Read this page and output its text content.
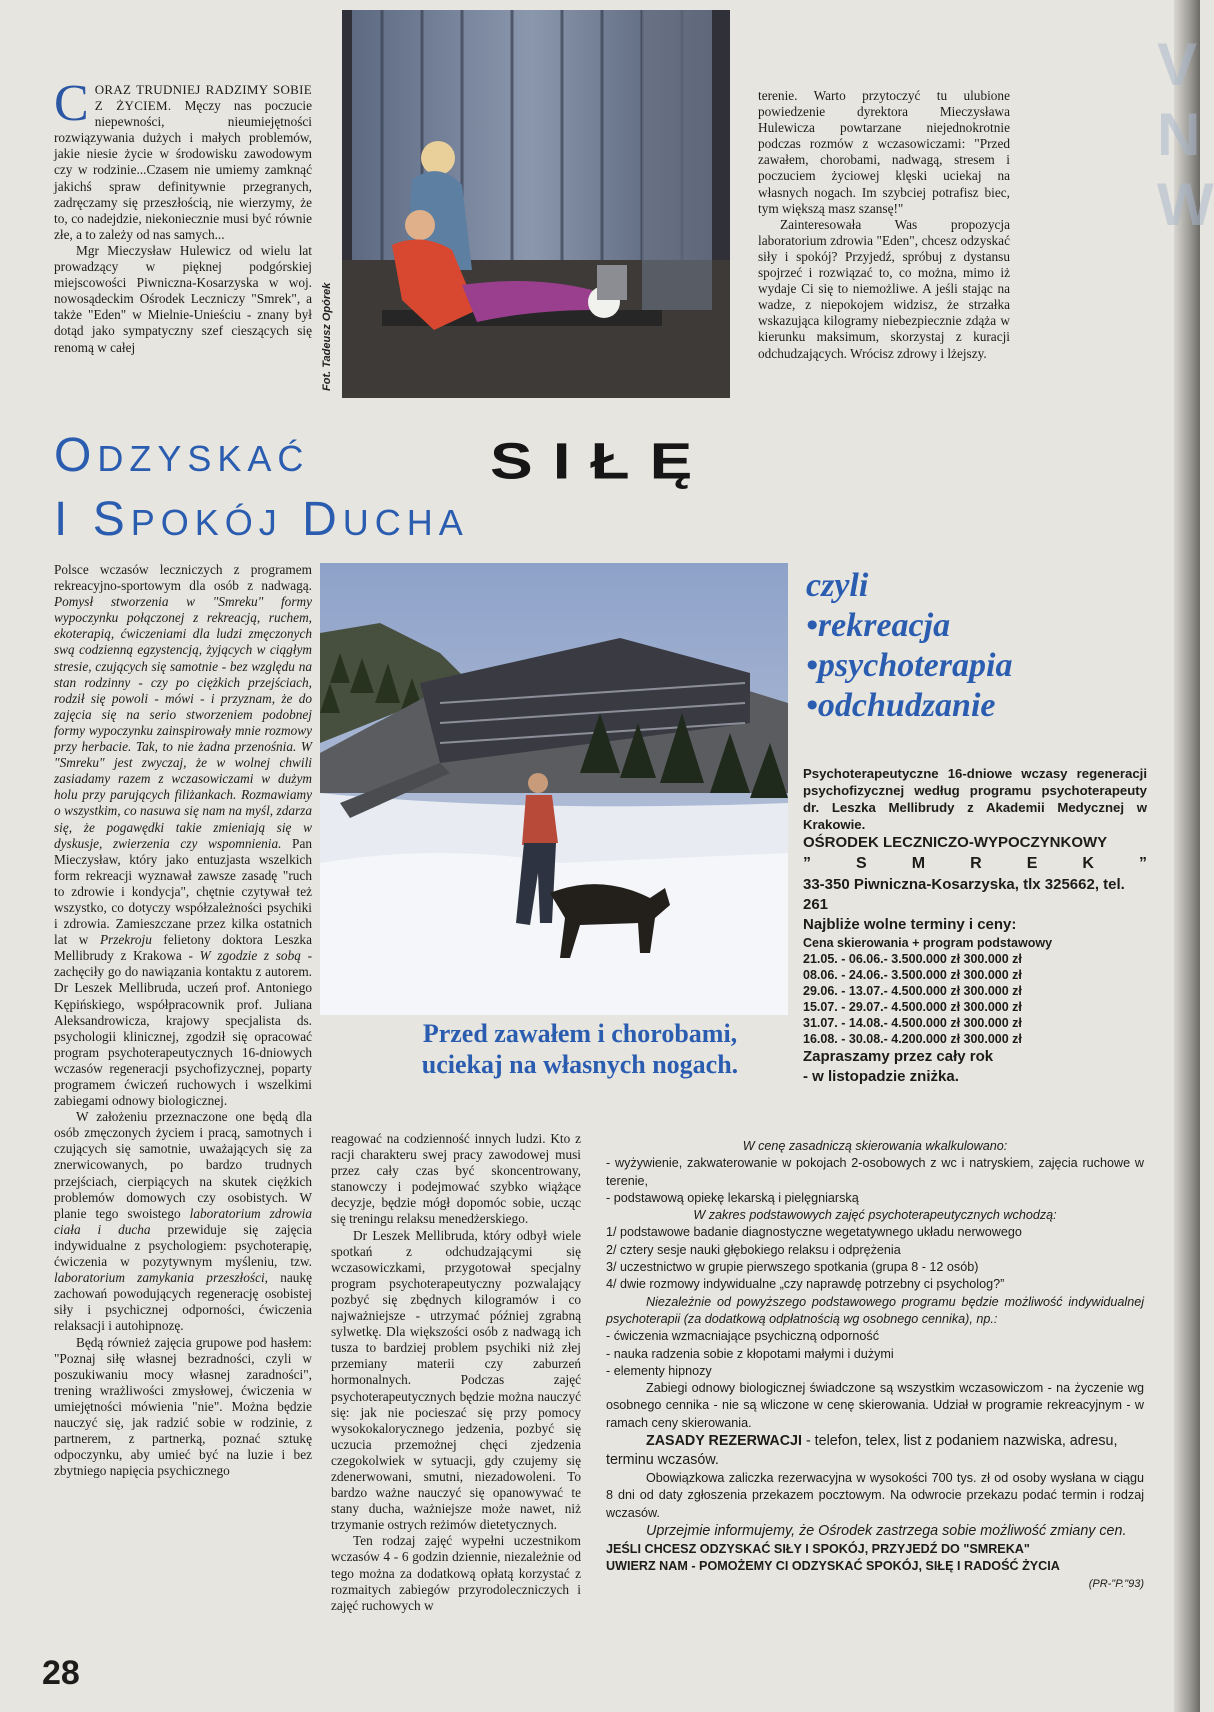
V
N
W

CORAZ TRUDNIEJ RADZIMY SOBIE Z ŻYCIEM. Męczy nas poczucie niepewności, nieumiejętności rozwiązywania dużych i małych problemów, jakie niesie życie w środowisku zawodowym czy w rodzinie...Czasem nie umiemy zamknąć jakichś spraw definitywnie przegranych, zadręczamy się przeszłością, nie wierzymy, że to, co nadejdzie, niekoniecznie musi być równie złe, a to zależy od nas samych...

Mgr Mieczysław Hulewicz od wielu lat prowadzący w pięknej podgórskiej miejscowości Piwniczna-Kosarzyska w woj. nowosądeckim Ośrodek Leczniczy "Smrek", a także "Eden" w Mielnie-Unieściu - znany był dotąd jako sympatyczny szef cieszących się renomą w całej	Fot. Tadeusz Opórek

terenie. Warto przytoczyć tu ulubione powiedzenie dyrektora Mieczysława Hulewicza powtarzane niejednokrotnie podczas rozmów z wczasowiczami: "Przed zawałem, chorobami, nadwagą, stresem i poczuciem życiowej klęski uciekaj na własnych nogach. Im szybciej potrafisz biec, tym większą masz szansę!"

Zainteresowała Was propozycja laboratorium zdrowia "Eden", chcesz odzyskać siły i spokój? Przyjedź, spróbuj z dystansu spojrzeć i rozwiązać to, co można, mimo iż wydaje Ci się to niemożliwe. A jeśli stając na wadze, z niepokojem widzisz, że strzałka wskazująca kilogramy niebezpiecznie zdąża w kierunku maksimum, skorzystaj z kuracji odchudzających. Wrócisz zdrowy i lżejszy.

ODZYSKAĆ	SIŁĘ
I SPOKÓJ DUCHA
czyli
•rekreacja
•psychoterapia
•odchudzanie
Przed zawałem i chorobami, uciekaj na własnych nogach.

Polsce wczasów leczniczych z programem rekreacyjno-sportowym dla osób z nadwagą. Pomysł stworzenia w "Smreku" formy wypoczynku połączonej z rekreacją, ruchem, ekoterapią, ćwiczeniami dla ludzi zmęczonych swą codzienną egzystencją, żyjących w ciągłym stresie, czujących się samotnie - bez względu na stan rodzinny - czy po ciężkich przejściach, rodził się powoli - mówi - i przyznam, że do zajęcia się na serio stworzeniem podobnej formy wypoczynku zainspirowały mnie rozmowy przy herbacie. Tak, to nie żadna przenośnia. W "Smreku" jest zwyczaj, że w wolnej chwili zasiadamy razem z wczasowiczami w dużym holu przy parujących filiżankach. Rozmawiamy o wszystkim, co nasuwa się nam na myśl, zdarza się, że pogawędki takie zmieniają się w dyskusje, zwierzenia czy wspomnienia. Pan Mieczysław, który jako entuzjasta wszelkich form rekreacji wyznawał zawsze zasadę "ruch to zdrowie i kondycja", chętnie czytywał też wszystko, co dotyczy współzależności psychiki i zdrowia. Zamieszczane przez kilka ostatnich lat w Przekroju felietony doktora Leszka Mellibrudy z Krakowa - W zgodzie z sobą - zachęciły go do nawiązania kontaktu z autorem. Dr Leszek Mellibruda, uczeń prof. Antoniego Kępińskiego, współpracownik prof. Juliana Aleksandrowicza, krajowy specjalista ds. psychologii klinicznej, zgodził się opracować program psychoterapeutycznych 16-dniowych wczasów regeneracji psychofizycznej, poparty programem ćwiczeń ruchowych i wszelkimi zabiegami odnowy biologicznej.

W założeniu przeznaczone one będą dla osób zmęczonych życiem i pracą, samotnych i czujących się samotnie, uważających się za znerwicowanych, po bardzo trudnych przejściach, cierpiących na skutek ciężkich problemów domowych czy osobistych. W planie tego swoistego laboratorium zdrowia ciała i ducha przewiduje się zajęcia indywidualne z psychologiem: psychoterapię, ćwiczenia w pozytywnym myśleniu, tzw. laboratorium zamykania przeszłości, naukę zachowań powodujących regenerację osobistej siły i psychicznej odporności, ćwiczenia relaksacji i autohipnozę.

Będą również zajęcia grupowe pod hasłem: "Poznaj siłę własnej bezradności, czyli w poszukiwaniu mocy własnej zaradności", trening wrażliwości zmysłowej, ćwiczenia w umiejętności mówienia "nie". Można będzie nauczyć się, jak radzić sobie w rodzinie, z partnerem, z partnerką, poznać sztukę odpoczynku, aby umieć być na luzie i bez zbytniego napięcia psychicznego

reagować na codzienność innych ludzi. Kto z racji charakteru swej pracy zawodowej musi przez cały czas być skoncentrowany, stanowczy i podejmować szybko wiążące decyzje, będzie mógł dopomóc sobie, ucząc się treningu relaksu menedżerskiego.

Dr Leszek Mellibruda, który odbył wiele spotkań z odchudzającymi się wczasowiczkami, przygotował specjalny program psychoterapeutyczny pozwalający pozbyć się zbędnych kilogramów i co najważniejsze - utrzymać później zgrabną sylwetkę. Dla większości osób z nadwagą ich tusza to bardziej problem psychiki niż złej przemiany materii czy zaburzeń hormonalnych. Podczas zajęć psychoterapeutycznych będzie można nauczyć się: jak nie pocieszać się przy pomocy wysokokalorycznego jedzenia, pozbyć się uczucia przemożnej chęci zjedzenia czegokolwiek w sytuacji, gdy czujemy się zdenerwowani, smutni, niezadowoleni. To bardzo ważne nauczyć się opanowywać te stany ducha, ważniejsze może nawet, niż trzymanie ostrych reżimów dietetycznych.

Ten rodzaj zajęć wypełni uczestnikom wczasów 4 - 6 godzin dziennie, niezależnie od tego można za dodatkową opłatą korzystać z rozmaitych zabiegów przyrodoleczniczych i zajęć ruchowych w

Psychoterapeutyczne 16-dniowe wczasy regeneracji psychofizycznej według programu psychoterapeuty dr. Leszka Mellibrudy z Akademii Medycznej w Krakowie.

OŚRODEK LECZNICZO-WYPOCZYNKOWY

”	S	M	R	E	K	”

33-350 Piwniczna-Kosarzyska, tlx 325662, tel. 261

Najbliże wolne terminy i ceny:

Cena skierowania + program podstawowy

21.05. - 06.06.- 3.500.000 zł 300.000 zł

08.06. - 24.06.- 3.500.000 zł 300.000 zł

29.06. - 13.07.- 4.500.000 zł 300.000 zł

15.07. - 29.07.- 4.500.000 zł 300.000 zł

31.07. - 14.08.- 4.500.000 zł 300.000 zł

16.08. - 30.08.- 4.200.000 zł 300.000 zł

Zapraszamy przez cały rok

- w listopadzie zniżka.

W cenę zasadniczą skierowania wkalkulowano:

- wyżywienie, zakwaterowanie w pokojach 2-osobowych z wc i natryskiem, zajęcia ruchowe w terenie,

- podstawową opiekę lekarską i pielęgniarską

W zakres podstawowych zajęć psychoterapeutycznych wchodzą:

1/ podstawowe badanie diagnostyczne wegetatywnego układu nerwowego

2/ cztery sesje nauki głębokiego relaksu i odprężenia

3/ uczestnictwo w grupie pierwszego spotkania (grupa 8 - 12 osób)

4/ dwie rozmowy indywidualne „czy naprawdę potrzebny ci psycholog?”

Niezależnie od powyższego podstawowego programu będzie możliwość indywidualnej psychoterapii (za dodatkową odpłatnością wg osobnego cennika), np.:

- ćwiczenia wzmacniające psychiczną odporność

- nauka radzenia sobie z kłopotami małymi i dużymi

- elementy hipnozy

Zabiegi odnowy biologicznej świadczone są wszystkim wczasowiczom - na życzenie wg osobnego cennika - nie są wliczone w cenę skierowania. Udział w programie rekreacyjnym - w ramach ceny skierowania.

ZASADY REZERWACJI - telefon, telex, list z podaniem nazwiska, adresu, terminu wczasów.

Obowiązkowa zaliczka rezerwacyjna w wysokości 700 tys. zł od osoby wysłana w ciągu 8 dni od daty zgłoszenia przekazem pocztowym. Na odwrocie przekazu podać termin i rodzaj wczasów.

Uprzejmie informujemy, że Ośrodek zastrzega sobie możliwość zmiany cen.

JEŚLI CHCESZ ODZYSKAĆ SIŁY I SPOKÓJ, PRZYJEDŹ DO "SMREKA"

UWIERZ NAM - POMOŻEMY CI ODZYSKAĆ SPOKÓJ, SIŁĘ I RADOŚĆ ŻYCIA

(PR-"P."93)

28
